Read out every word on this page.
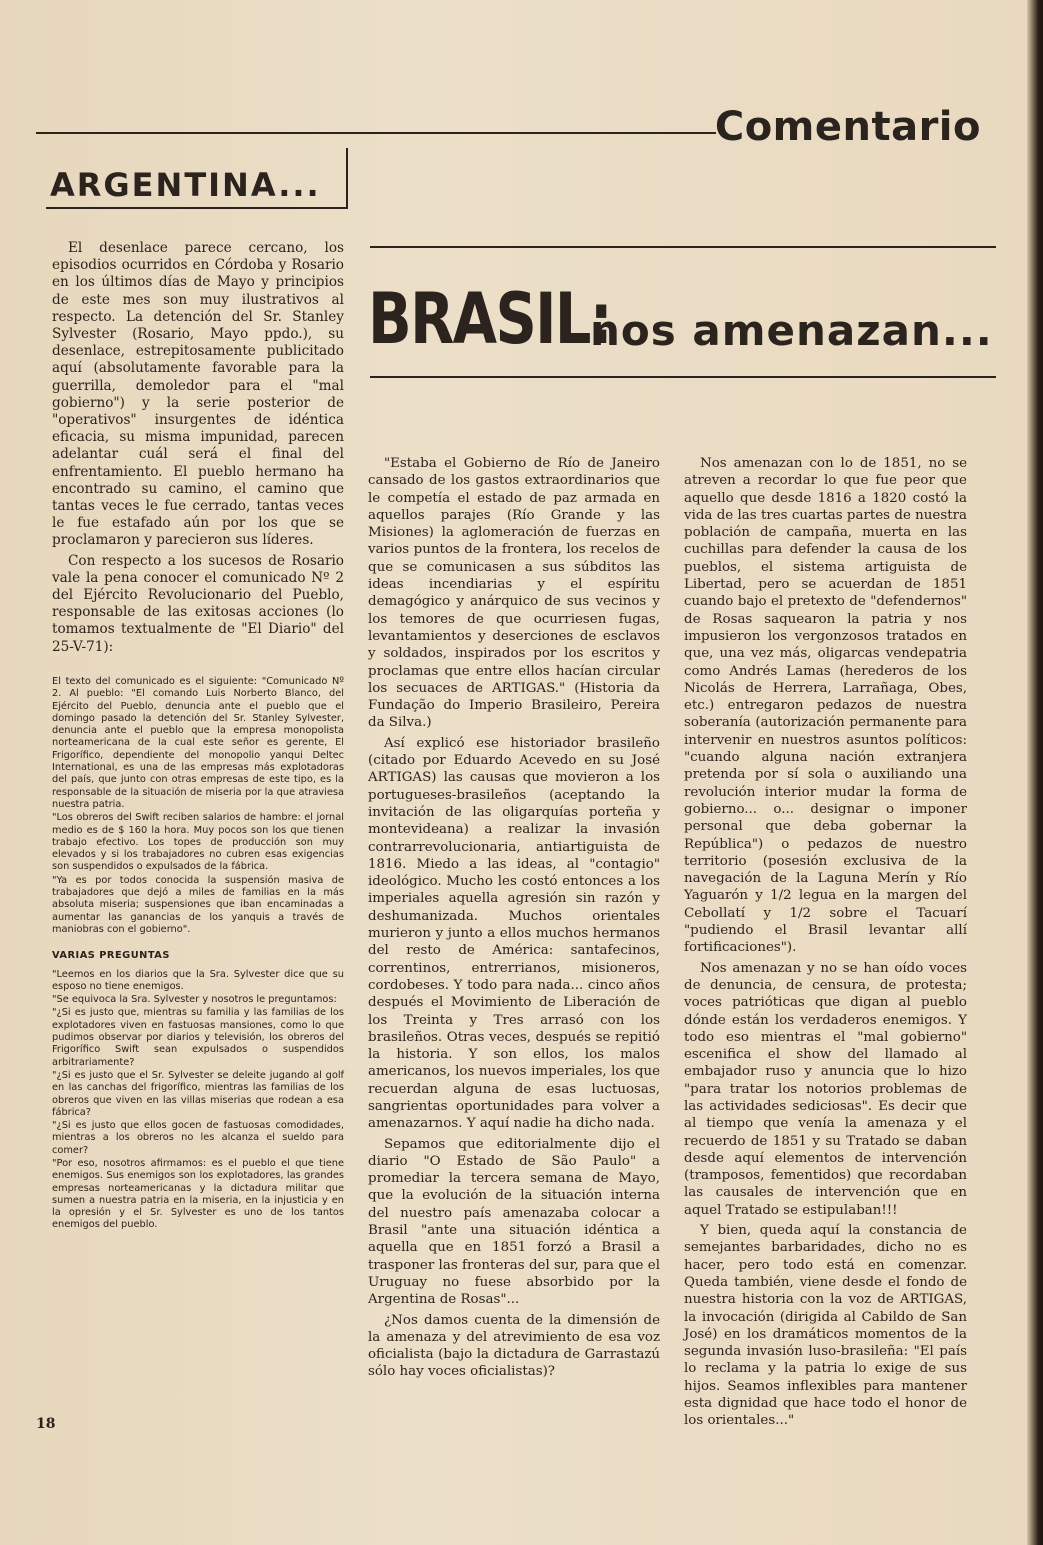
Comentario
ARGENTINA...

El desenlace parece cercano, los episodios ocurridos en Córdoba y Rosario en los últimos días de Mayo y principios de este mes son muy ilustrativos al respecto. La detención del Sr. Stanley Sylvester (Rosario, Mayo ppdo.), su desenlace, estrepitosamente publicitado aquí (absolutamente favorable para la guerrilla, demoledor para el "mal gobierno") y la serie posterior de "operativos" insurgentes de idéntica eficacia, su misma impunidad, parecen adelantar cuál será el final del enfrentamiento. El pueblo hermano ha encontrado su camino, el camino que tantas veces le fue cerrado, tantas veces le fue estafado aún por los que se proclamaron y parecieron sus líderes.

Con respecto a los sucesos de Rosario vale la pena conocer el comunicado Nº 2 del Ejército Revolucionario del Pueblo, responsable de las exitosas acciones (lo tomamos textualmente de "El Diario" del 25-V-71):

El texto del comunicado es el siguiente: "Comunicado Nº 2. Al pueblo: "El comando Luis Norberto Blanco, del Ejército del Pueblo, denuncia ante el pueblo que el domingo pasado la detención del Sr. Stanley Sylvester, denuncia ante el pueblo que la empresa monopolista norteamericana de la cual este señor es gerente, El Frigorífico, dependiente del monopolio yanqui Deltec International, es una de las empresas más explotadoras del país, que junto con otras empresas de este tipo, es la responsable de la situación de miseria por la que atraviesa nuestra patria.

"Los obreros del Swift reciben salarios de hambre: el jornal medio es de $ 160 la hora. Muy pocos son los que tienen trabajo efectivo. Los topes de producción son muy elevados y si los trabajadores no cubren esas exigencias son suspendidos o expulsados de la fábrica.

"Ya es por todos conocida la suspensión masiva de trabajadores que dejó a miles de familias en la más absoluta miseria; suspensiones que iban encaminadas a aumentar las ganancias de los yanquis a través de maniobras con el gobierno".

VARIAS PREGUNTAS

"Leemos en los diarios que la Sra. Sylvester dice que su esposo no tiene enemigos.

"Se equivoca la Sra. Sylvester y nosotros le preguntamos:

"¿Si es justo que, mientras su familia y las familias de los explotadores viven en fastuosas mansiones, como lo que pudimos observar por diarios y televisión, los obreros del Frigorífico Swift sean expulsados o suspendidos arbitrariamente?

"¿Si es justo que el Sr. Sylvester se deleite jugando al golf en las canchas del frigorífico, mientras las familias de los obreros que viven en las villas miserias que rodean a esa fábrica?

"¿Si es justo que ellos gocen de fastuosas comodidades, mientras a los obreros no les alcanza el sueldo para comer?

"Por eso, nosotros afirmamos: es el pueblo el que tiene enemigos. Sus enemigos son los explotadores, las grandes empresas norteamericanas y la dictadura militar que sumen a nuestra patria en la miseria, en la injusticia y en la opresión y el Sr. Sylvester es uno de los tantos enemigos del pueblo.

BRASIL:
nos amenazan...

"Estaba el Gobierno de Río de Janeiro cansado de los gastos extraordinarios que le competía el estado de paz armada en aquellos parajes (Río Grande y las Misiones) la aglomeración de fuerzas en varios puntos de la frontera, los recelos de que se comunicasen a sus súbditos las ideas incendiarias y el espíritu demagógico y anárquico de sus vecinos y los temores de que ocurriesen fugas, levantamientos y deserciones de esclavos y soldados, inspirados por los escritos y proclamas que entre ellos hacían circular los secuaces de ARTIGAS." (Historia da Fundação do Imperio Brasileiro, Pereira da Silva.)

Así explicó ese historiador brasileño (citado por Eduardo Acevedo en su José ARTIGAS) las causas que movieron a los portugueses-brasileños (aceptando la invitación de las oligarquías porteña y montevideana) a realizar la invasión contrarrevolucionaria, antiartiguista de 1816. Miedo a las ideas, al "contagio" ideológico. Mucho les costó entonces a los imperiales aquella agresión sin razón y deshumanizada. Muchos orientales murieron y junto a ellos muchos hermanos del resto de América: santafecinos, correntinos, entrerrianos, misioneros, cordobeses. Y todo para nada... cinco años después el Movimiento de Liberación de los Treinta y Tres arrasó con los brasileños. Otras veces, después se repitió la historia. Y son ellos, los malos americanos, los nuevos imperiales, los que recuerdan alguna de esas luctuosas, sangrientas oportunidades para volver a amenazarnos. Y aquí nadie ha dicho nada.

Sepamos que editorialmente dijo el diario "O Estado de São Paulo" a promediar la tercera semana de Mayo, que la evolución de la situación interna del nuestro país amenazaba colocar a Brasil "ante una situación idéntica a aquella que en 1851 forzó a Brasil a trasponer las fronteras del sur, para que el Uruguay no fuese absorbido por la Argentina de Rosas"...

¿Nos damos cuenta de la dimensión de la amenaza y del atrevimiento de esa voz oficialista (bajo la dictadura de Garrastazú sólo hay voces oficialistas)?

Nos amenazan con lo de 1851, no se atreven a recordar lo que fue peor que aquello que desde 1816 a 1820 costó la vida de las tres cuartas partes de nuestra población de campaña, muerta en las cuchillas para defender la causa de los pueblos, el sistema artiguista de Libertad, pero se acuerdan de 1851 cuando bajo el pretexto de "defendernos" de Rosas saquearon la patria y nos impusieron los vergonzosos tratados en que, una vez más, oligarcas vendepatria como Andrés Lamas (herederos de los Nicolás de Herrera, Larrañaga, Obes, etc.) entregaron pedazos de nuestra soberanía (autorización permanente para intervenir en nuestros asuntos políticos: "cuando alguna nación extranjera pretenda por sí sola o auxiliando una revolución interior mudar la forma de gobierno... o... designar o imponer personal que deba gobernar la República") o pedazos de nuestro territorio (posesión exclusiva de la navegación de la Laguna Merín y Río Yaguarón y 1/2 legua en la margen del Cebollatí y 1/2 sobre el Tacuarí "pudiendo el Brasil levantar allí fortificaciones").

Nos amenazan y no se han oído voces de denuncia, de censura, de protesta; voces patrióticas que digan al pueblo dónde están los verdaderos enemigos. Y todo eso mientras el "mal gobierno" escenifica el show del llamado al embajador ruso y anuncia que lo hizo "para tratar los notorios problemas de las actividades sediciosas". Es decir que al tiempo que venía la amenaza y el recuerdo de 1851 y su Tratado se daban desde aquí elementos de intervención (tramposos, fementidos) que recordaban las causales de intervención que en aquel Tratado se estipulaban!!!

Y bien, queda aquí la constancia de semejantes barbaridades, dicho no es hacer, pero todo está en comenzar. Queda también, viene desde el fondo de nuestra historia con la voz de ARTIGAS, la invocación (dirigida al Cabildo de San José) en los dramáticos momentos de la segunda invasión luso-brasileña: "El país lo reclama y la patria lo exige de sus hijos. Seamos inflexibles para mantener esta dignidad que hace todo el honor de los orientales..."

18
